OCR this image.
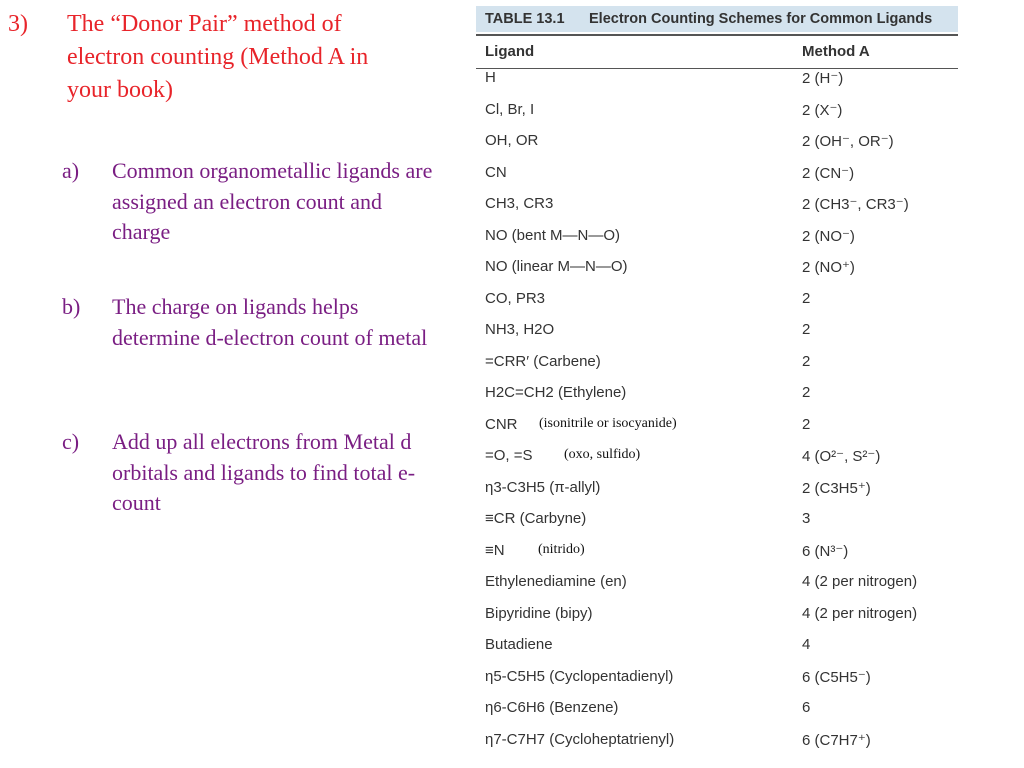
3) The “Donor Pair” method of electron counting (Method A in your book)
a) Common organometallic ligands are assigned an electron count and charge
b) The charge on ligands helps determine d-electron count of metal
c) Add up all electrons from Metal d orbitals and ligands to find total e- count
TABLE 13.1 Electron Counting Schemes for Common Ligands
Ligand	Method A
H	2 (H⁻)
Cl, Br, I	2 (X⁻)
OH, OR	2 (OH⁻, OR⁻)
CN	2 (CN⁻)
CH3, CR3	2 (CH3⁻, CR3⁻)
NO (bent M—N—O)	2 (NO⁻)
NO (linear M—N—O)	2 (NO⁺)
CO, PR3	2
NH3, H2O	2
=CRR′ (Carbene)	2
H2C=CH2 (Ethylene)	2
CNR (isonitrile or isocyanide)	2
=O, =S (oxo, sulfido)	4 (O²⁻, S²⁻)
η3-C3H5 (π-allyl)	2 (C3H5⁺)
≡CR (Carbyne)	3
≡N (nitrido)	6 (N³⁻)
Ethylenediamine (en)	4 (2 per nitrogen)
Bipyridine (bipy)	4 (2 per nitrogen)
Butadiene	4
η5-C5H5 (Cyclopentadienyl)	6 (C5H5⁻)
η6-C6H6 (Benzene)	6
η7-C7H7 (Cycloheptatrienyl)	6 (C7H7⁺)
